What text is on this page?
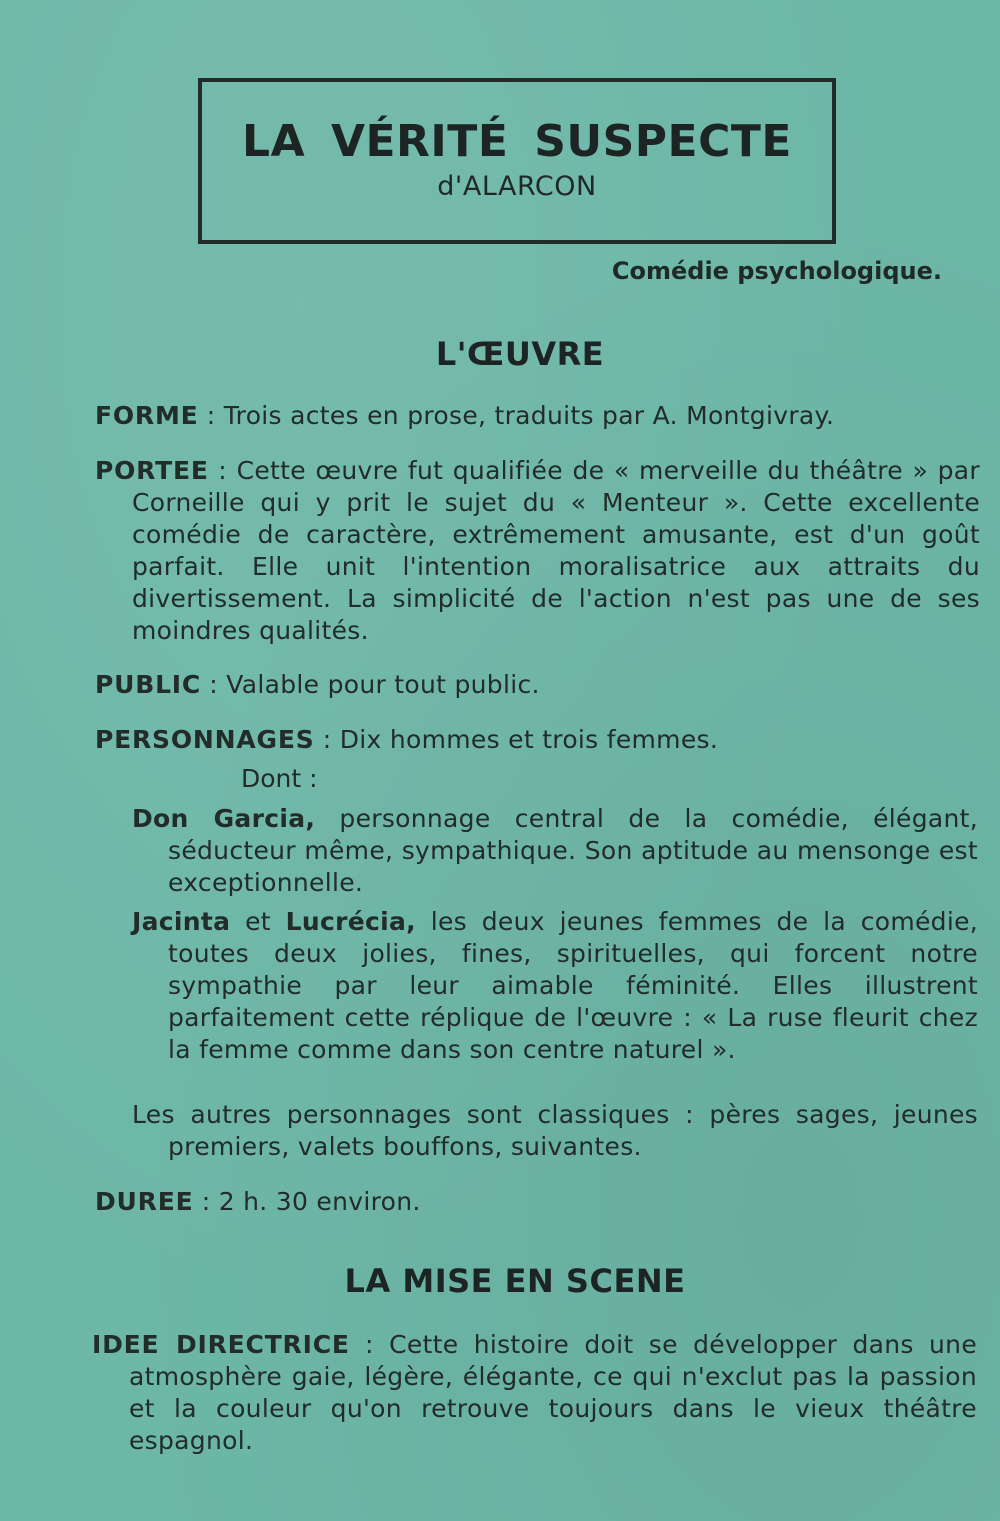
LA VÉRITÉ SUSPECTE
d'ALARCON
Comédie psychologique.
L'ŒUVRE
FORME : Trois actes en prose, traduits par A. Montgivray.
PORTEE : Cette œuvre fut qualifiée de « merveille du théâtre » par Corneille qui y prit le sujet du « Menteur ». Cette excellente comédie de caractère, extrêmement amusante, est d'un goût parfait. Elle unit l'intention moralisatrice aux attraits du divertissement. La simplicité de l'action n'est pas une de ses moindres qualités.
PUBLIC : Valable pour tout public.
PERSONNAGES : Dix hommes et trois femmes.
Dont :
Don Garcia, personnage central de la comédie, élégant, séducteur même, sympathique. Son aptitude au mensonge est exceptionnelle.
Jacinta et Lucrécia, les deux jeunes femmes de la comédie, toutes deux jolies, fines, spirituelles, qui forcent notre sympathie par leur aimable féminité. Elles illustrent parfaitement cette réplique de l'œuvre : « La ruse fleurit chez la femme comme dans son centre naturel ».
Les autres personnages sont classiques : pères sages, jeunes premiers, valets bouffons, suivantes.
DUREE : 2 h. 30 environ.
LA MISE EN SCENE
IDEE DIRECTRICE : Cette histoire doit se développer dans une atmosphère gaie, légère, élégante, ce qui n'exclut pas la passion et la couleur qu'on retrouve toujours dans le vieux théâtre espagnol.
